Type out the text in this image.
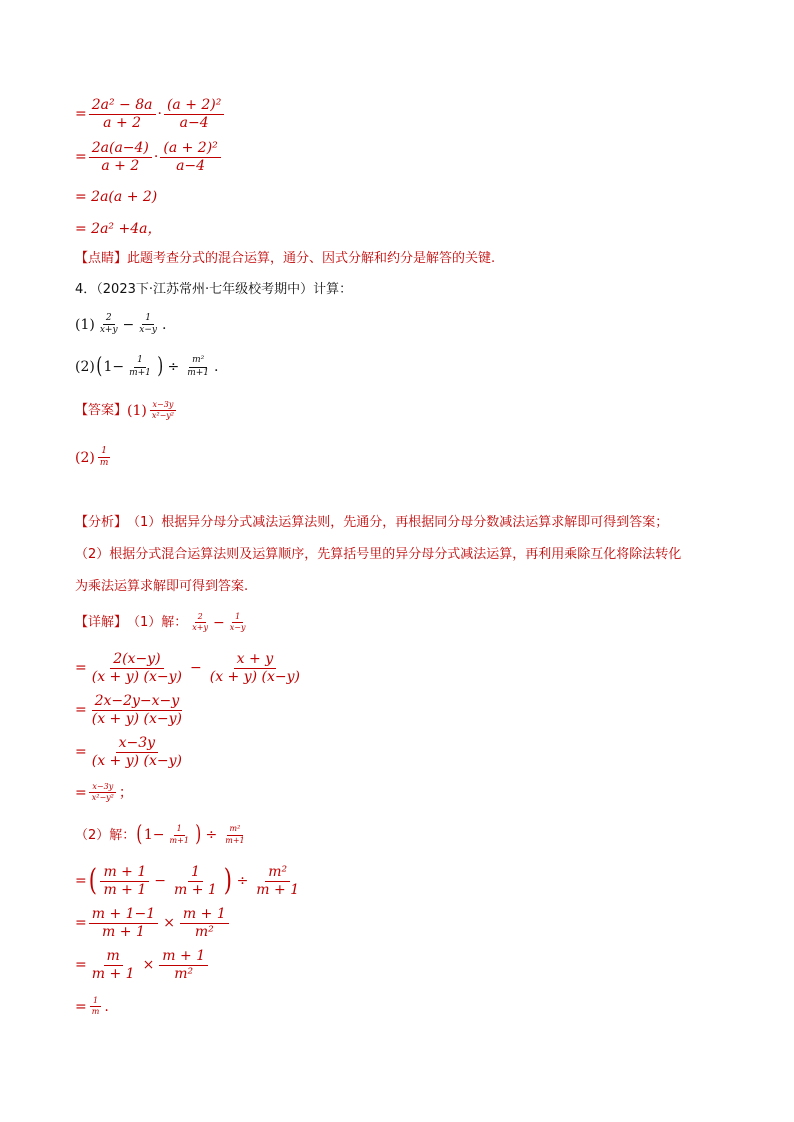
= $\frac{\text{2a² − 8a}}{a + 2} \cdot \frac{\text{(a + 2)²}}{a-4}$
= $\frac{2a(a-4)}{a + 2} \cdot \frac{\text{(a + 2)²}}{a-4}$
= 2a(a + 2)
= 2a² +4a，
【点睛】 此题考查分式的混合运算，通分、因式分解和约分是解答的关键.
4．（2023下·江苏常州·七年级校考期中）计算：
$(1) \frac{2}{x+y} - \frac{1}{x-y}$ .
(2) ( $1 - \frac{1}{m+1}$ ) ÷ $\frac{\text{m²}}{m+1}$ .
【答案】 $(1) \frac{x-3y}{\text{x²−y²}}$
$(2) \frac{1}{m}$
【分析】 （1）根据异分母分式减法运算法则，先通分，再根据同分母分数减法运算求解即可得到答案；
（2）根据分式混合运算法则及运算顺序，先算括号里的异分母分式减法运算，再利用乘除互化将除法转化
为乘法运算求解即可得到答案.
【详解】 （1）解： $\frac{2}{x+y} - \frac{1}{x-y}$
= $\frac{2(x-y)}{(x + y) (x-y)} - \frac{x + y}{(x + y) (x-y)}$
= $\frac{2x-2y-x-y}{(x + y) (x-y)}$
= $\frac{x-3y}{(x + y) (x-y)}$
= $\frac{x-3y}{\text{x²−y²}}$ ；
（2）解： ( $1 - \frac{1}{m+1}$ ) ÷ $\frac{\text{m²}}{m+1}$
= ( $\frac{m + 1}{m + 1} - \frac{1}{m + 1}$ ) ÷ $\frac{\text{m²}}{m + 1}$
= $\frac{m + 1-1}{m + 1} \times \frac{m + 1}{\text{m²}}$
= $\frac{m}{m + 1} \times \frac{m + 1}{\text{m²}}$
= $\frac{1}{m}$ .
